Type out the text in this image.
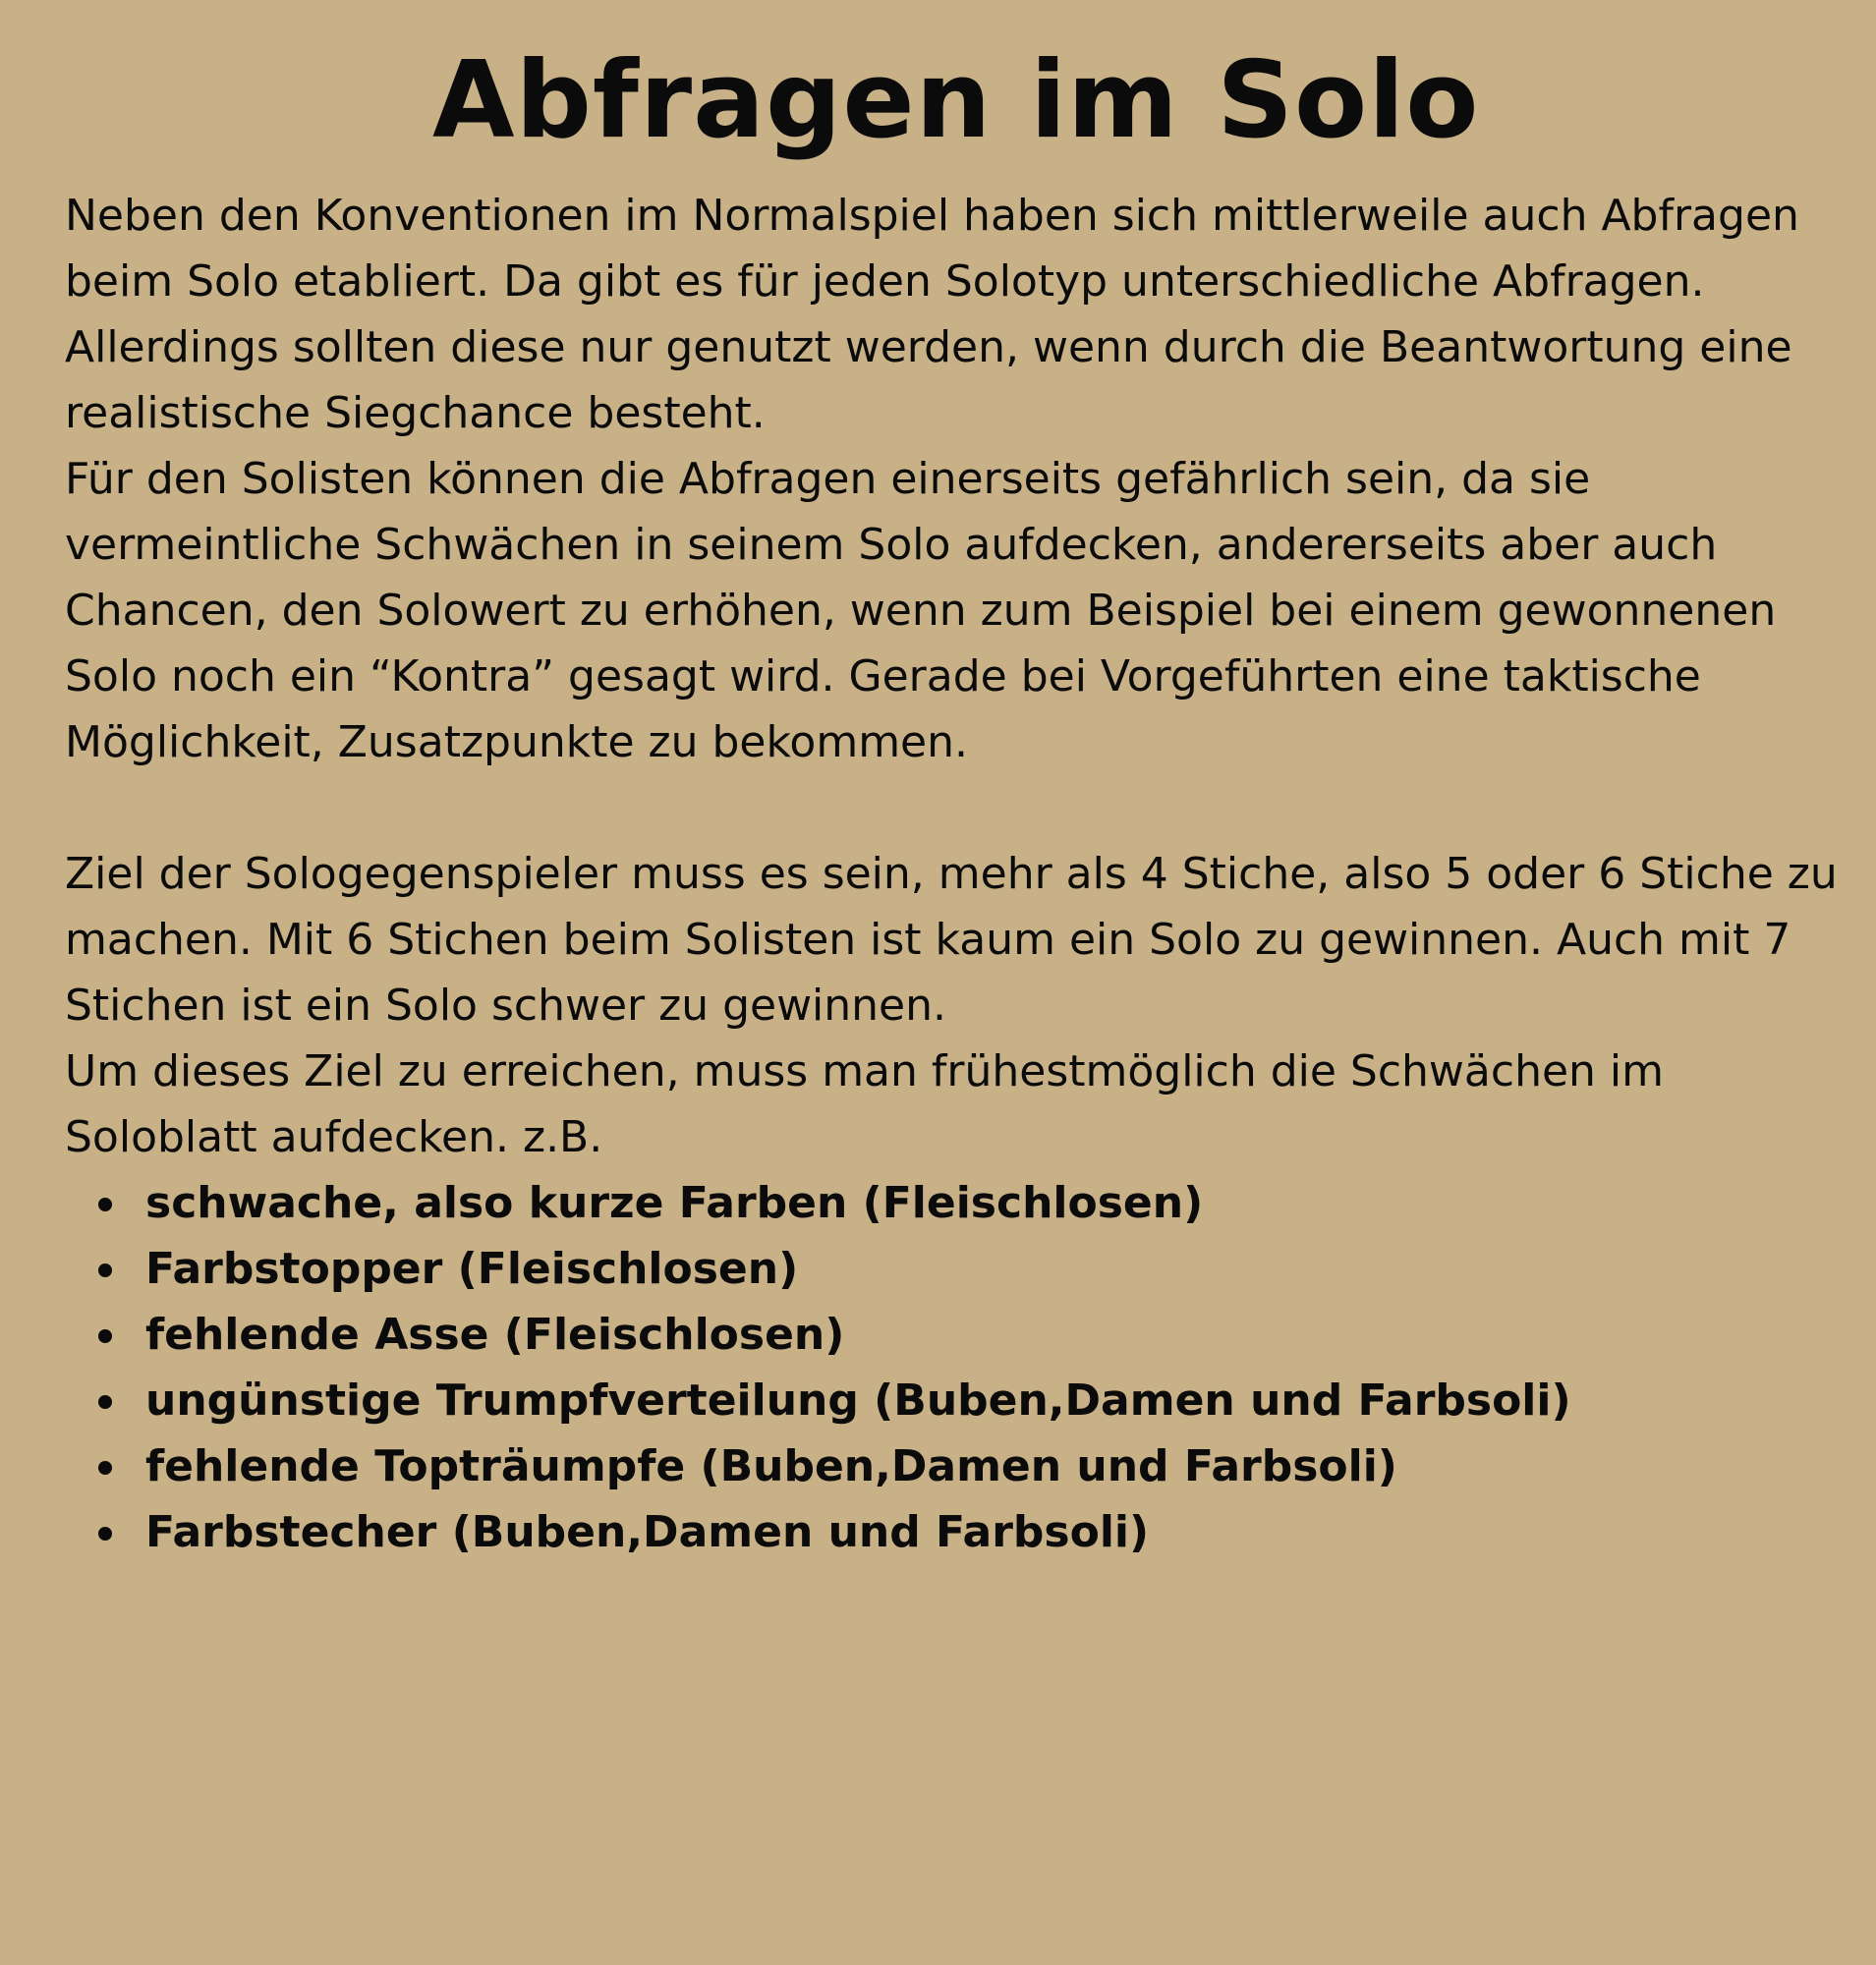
Abfragen im Solo

Neben den Konventionen im Normalspiel haben sich mittlerweile auch Abfragen beim Solo etabliert. Da gibt es für jeden Solotyp unterschiedliche Abfragen.

Allerdings sollten diese nur genutzt werden, wenn durch die Beantwortung eine realistische Siegchance besteht.

Für den Solisten können die Abfragen einerseits gefährlich sein, da sie vermeintliche Schwächen in seinem Solo aufdecken, andererseits aber auch Chancen, den Solowert zu erhöhen, wenn zum Beispiel bei einem gewonnenen Solo noch ein “Kontra” gesagt wird. Gerade bei Vorgeführten eine taktische Möglichkeit, Zusatzpunkte zu bekommen.

Ziel der Sologegenspieler muss es sein, mehr als 4 Stiche, also 5 oder 6 Stiche zu machen. Mit 6 Stichen beim Solisten ist kaum ein Solo zu gewinnen. Auch mit 7 Stichen ist ein Solo schwer zu gewinnen.

Um dieses Ziel zu erreichen, muss man frühestmöglich die Schwächen im Soloblatt aufdecken. z.B.

schwache, also kurze Farben (Fleischlosen)
Farbstopper (Fleischlosen)
fehlende Asse (Fleischlosen)
ungünstige Trumpfverteilung (Buben,Damen und Farbsoli)
fehlende Topträumpfe (Buben,Damen und Farbsoli)
Farbstecher (Buben,Damen und Farbsoli)
